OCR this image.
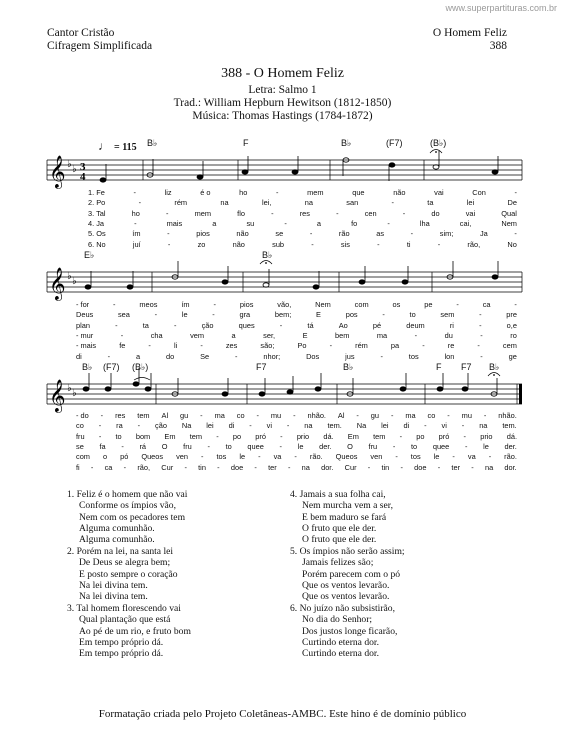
www.superpartituras.com.br
Cantor Cristão
Cifragem Simplificada
O Homem Feliz
388
388 - O Homem Feliz
Letra: Salmo 1
Trad.: William Hepburn Hewitson (1812-1850)
Música: Thomas Hastings (1784-1872)
♩ = 115 B♭	F	B♭	(F7)	(B♭)
E♭	B♭
B♭ (F7) (B♭)	F7	B♭	F F7 B♭
𝄞 ♭ ♭ 3
4
𝄞 ♭ ♭
𝄞 ♭ ♭
1. Fe	-	liz	é o	ho	-	mem	que	não	vai	Con	-
2. Po	-	rém	na	lei,	na	san	-	ta	lei	De
3. Tal	ho	-	mem	flo	-	res	-	cen	-	do	vai	Qual
4. Ja	-	mais	a	su	-	a	fo	-	lha	cai,	Nem
5. Os	ím	-	pios	não	se	-	rão	as	-	sim;	Ja	-
6. No	juí	-	zo	não	sub	-	sis	-	ti	-	rão,	No
- for	-	meos	ím	-	pios	vão,	Nem	com	os	pe	-	ca	-
Deus	sea	-	le	-	gra	bem;	E	pos	-	to	sem	-	pre
plan	-	ta	-	ção	ques	-	tá	Ao	pé	deum	ri	-	o,e
- mur	-	cha	vem	a	ser,	E	bem	ma	-	du	-	ro
- mais	fe	-	li	-	zes	são;	Po	-	rém	pa	-	re	-	cem
di	-	a	do	Se	-	nhor;	Dos	jus	-	tos	lon	-	ge
- do - res tem Al gu - ma co - mu - nhão. Al - gu - ma co - mu - nhão.
co - ra - ção Na lei di - vi - na tem. Na lei di - vi - na tem.
fru - to bom Em tem - po pró - prio dá. Em tem - po pró - prio dá.
se fa - rá O fru - to quee - le der. O fru - to quee - le der.
com o pó Queos ven - tos le - va - rão. Queos ven - tos le - va - rão.
fi - ca - rão, Cur - tin - doe - ter - na dor. Cur - tin - doe - ter - na dor.
1. Feliz é o homem que não vai
Conforme os ímpios vão,
Nem com os pecadores tem
Alguma comunhão.
Alguma comunhão.
2. Porém na lei, na santa lei
De Deus se alegra bem;
E posto sempre o coração
Na lei divina tem.
Na lei divina tem.
3. Tal homem florescendo vai
Qual plantação que está
Ao pé de um rio, e fruto bom
Em tempo próprio dá.
Em tempo próprio dá.
4. Jamais a sua folha cai,
Nem murcha vem a ser,
E bem maduro se fará
O fruto que ele der.
O fruto que ele der.
5. Os ímpios não serão assim;
Jamais felizes são;
Porém parecem com o pó
Que os ventos levarão.
Que os ventos levarão.
6. No juízo não subsistirão,
No dia do Senhor;
Dos justos longe ficarão,
Curtindo eterna dor.
Curtindo eterna dor.
Formatação criada pelo Projeto Coletâneas-AMBC. Este hino é de domínio público
